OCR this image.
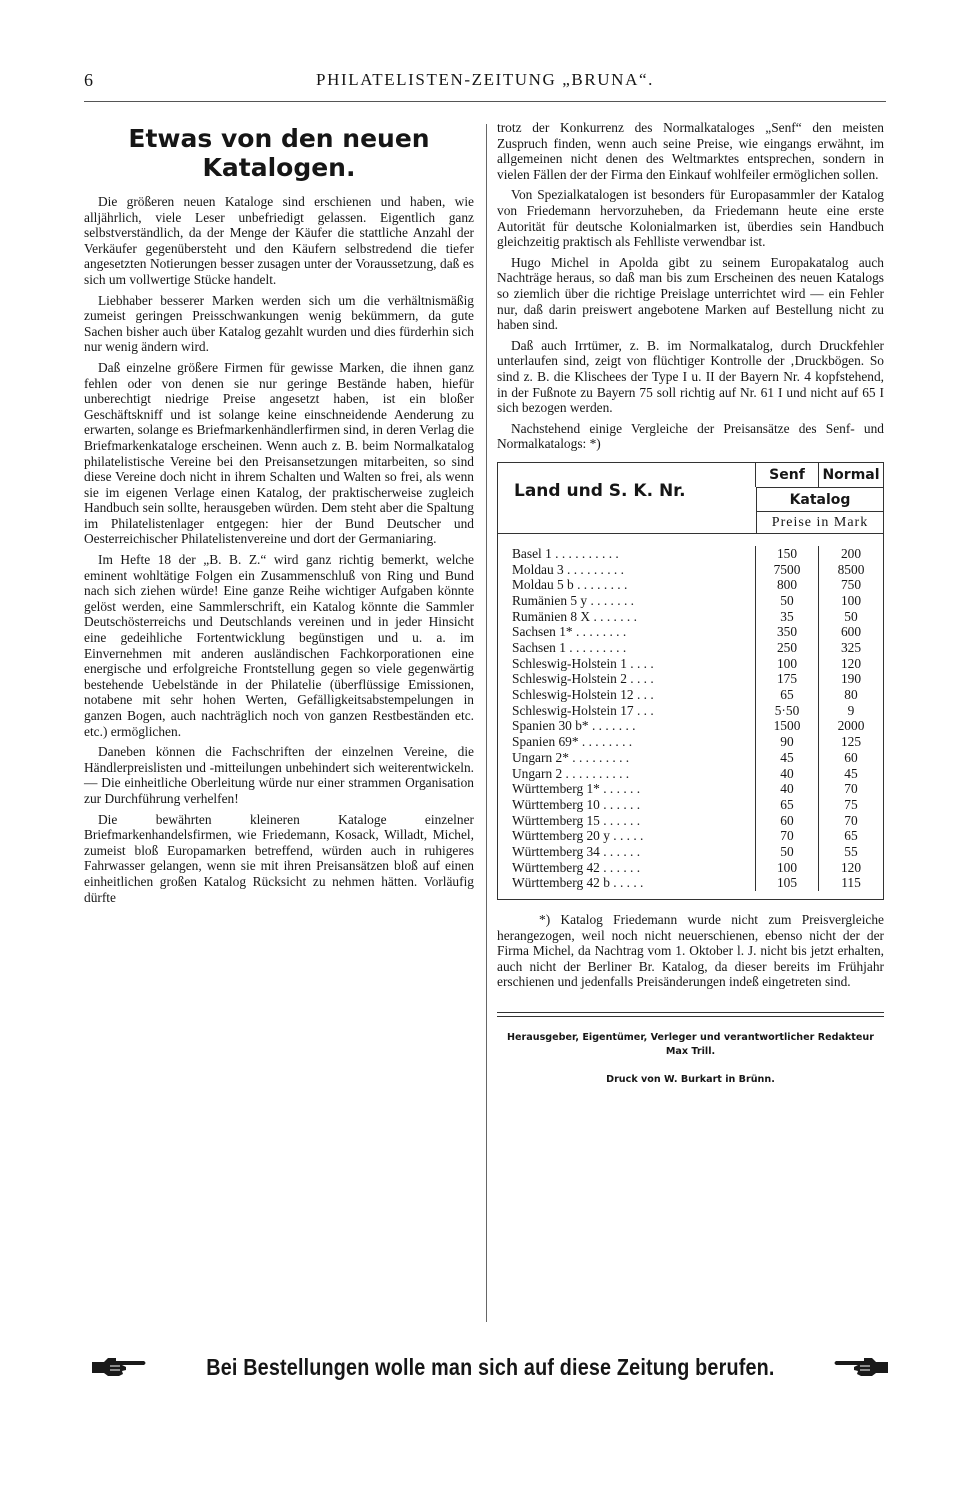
6	PHILATELISTEN-ZEITUNG „BRUNA“.
Etwas von den neuen Katalogen.

Die größeren neuen Kataloge sind erschienen und haben, wie alljährlich, viele Leser unbefriedigt gelassen. Eigentlich ganz selbstverständlich, da der Menge der Käufer die stattliche Anzahl der Verkäufer gegenübersteht und den Käufern selbstredend die tiefer angesetzten Notierungen besser zusagen unter der Voraussetzung, daß es sich um vollwertige Stücke handelt.

Liebhaber besserer Marken werden sich um die verhältnismäßig zumeist geringen Preisschwankungen wenig bekümmern, da gute Sachen bisher auch über Katalog gezahlt wurden und dies fürderhin sich nur wenig ändern wird.

Daß einzelne größere Firmen für gewisse Marken, die ihnen ganz fehlen oder von denen sie nur geringe Bestände haben, hiefür unberechtigt niedrige Preise angesetzt haben, ist ein bloßer Geschäftskniff und ist solange keine einschneidende Aenderung zu erwarten, solange es Briefmarkenhändlerfirmen sind, in deren Verlag die Briefmarkenkataloge erscheinen. Wenn auch z. B. beim Normalkatalog philatelistische Vereine bei den Preisansetzungen mitarbeiten, so sind diese Vereine doch nicht in ihrem Schalten und Walten so frei, als wenn sie im eigenen Verlage einen Katalog, der praktischerweise zugleich Handbuch sein sollte, herausgeben würden. Dem steht aber die Spaltung im Philatelistenlager entgegen: hier der Bund Deutscher und Oesterreichischer Philatelistenvereine und dort der Germaniaring.

Im Hefte 18 der „B. B. Z.“ wird ganz richtig bemerkt, welche eminent wohltätige Folgen ein Zusammenschluß von Ring und Bund nach sich ziehen würde! Eine ganze Reihe wichtiger Aufgaben könnte gelöst werden, eine Sammlerschrift, ein Katalog könnte die Sammler Deutschösterreichs und Deutschlands vereinen und in jeder Hinsicht eine gedeihliche Fortentwicklung begünstigen und u. a. im Einvernehmen mit anderen ausländischen Fachkorporationen eine energische und erfolgreiche Frontstellung gegen so viele gegenwärtig bestehende Uebelstände in der Philatelie (überflüssige Emissionen, notabene mit sehr hohen Werten, Gefälligkeitsabstempelungen in ganzen Bogen, auch nachträglich noch von ganzen Restbeständen etc. etc.) ermöglichen.

Daneben können die Fachschriften der einzelnen Vereine, die Händlerpreislisten und -mitteilungen unbehindert sich weiterentwickeln. — Die einheitliche Oberleitung würde nur einer strammen Organisation zur Durchführung verhelfen!

Die bewährten kleineren Kataloge einzelner Briefmarkenhandelsfirmen, wie Friedemann, Kosack, Willadt, Michel, zumeist bloß Europamarken betreffend, würden auch in ruhigeres Fahrwasser gelangen, wenn sie mit ihren Preisansätzen bloß auf einen einheitlichen großen Katalog Rücksicht zu nehmen hätten. Vorläufig dürfte

trotz der Konkurrenz des Normalkataloges „Senf“ den meisten Zuspruch finden, wenn auch seine Preise, wie eingangs erwähnt, im allgemeinen nicht denen des Weltmarktes entsprechen, sondern in vielen Fällen der der Firma den Einkauf wohlfeiler ermöglichen sollen.

Von Spezialkatalogen ist besonders für Europasammler der Katalog von Friedemann hervorzuheben, da Friedemann heute eine erste Autorität für deutsche Kolonialmarken ist, überdies sein Handbuch gleichzeitig praktisch als Fehlliste verwendbar ist.

Hugo Michel in Apolda gibt zu seinem Europakatalog auch Nachträge heraus, so daß man bis zum Erscheinen des neuen Katalogs so ziemlich über die richtige Preislage unterrichtet wird — ein Fehler nur, daß darin preiswert angebotene Marken auf Bestellung nicht zu haben sind.

Daß auch Irrtümer, z. B. im Normalkatalog, durch Druckfehler unterlaufen sind, zeigt von flüchtiger Kontrolle der ‚Druckbögen. So sind z. B. die Klischees der Type I u. II der Bayern Nr. 4 kopfstehend, in der Fußnote zu Bayern 75 soll richtig auf Nr. 61 I und nicht auf 65 I sich bezogen werden.

Nachstehend einige Vergleiche der Preisansätze des Senf- und Normalkatalogs: *)

Senf	Normal
Land und S. K. Nr.	Katalog
Preise in Mark
Basel 1 . . . . . . . . . .	150	200
Moldau 3 . . . . . . . . .	7500	8500
Moldau 5 b . . . . . . . .	800	750
Rumänien 5 y . . . . . . .	50	100
Rumänien 8 X . . . . . . .	35	50
Sachsen 1* . . . . . . . .	350	600
Sachsen 1 . . . . . . . . .	250	325
Schleswig-Holstein 1 . . . .	100	120
Schleswig-Holstein 2 . . . .	175	190
Schleswig-Holstein 12 . . .	65	80
Schleswig-Holstein 17 . . .	5·50	9
Spanien 30 b* . . . . . . .	1500	2000
Spanien 69* . . . . . . . .	90	125
Ungarn 2* . . . . . . . . .	45	60
Ungarn 2 . . . . . . . . . .	40	45
Württemberg 1* . . . . . .	40	70
Württemberg 10 . . . . . .	65	75
Württemberg 15 . . . . . .	60	70
Württemberg 20 y . . . . .	70	65
Württemberg 34 . . . . . .	50	55
Württemberg 42 . . . . . .	100	120
Württemberg 42 b . . . . .	105	115

*) Katalog Friedemann wurde nicht zum Preisvergleiche herangezogen, weil noch nicht neuerschienen, ebenso nicht der der Firma Michel, da Nachtrag vom 1. Oktober l. J. nicht bis jetzt erhalten, auch nicht der Berliner Br. Katalog, da dieser bereits im Frühjahr erschienen und jedenfalls Preisänderungen indeß eingetreten sind.

Herausgeber, Eigentümer, Verleger und verantwortlicher Redakteur Max Trill.

Druck von W. Burkart in Brünn.

Bei Bestellungen wolle man sich auf diese Zeitung berufen.
